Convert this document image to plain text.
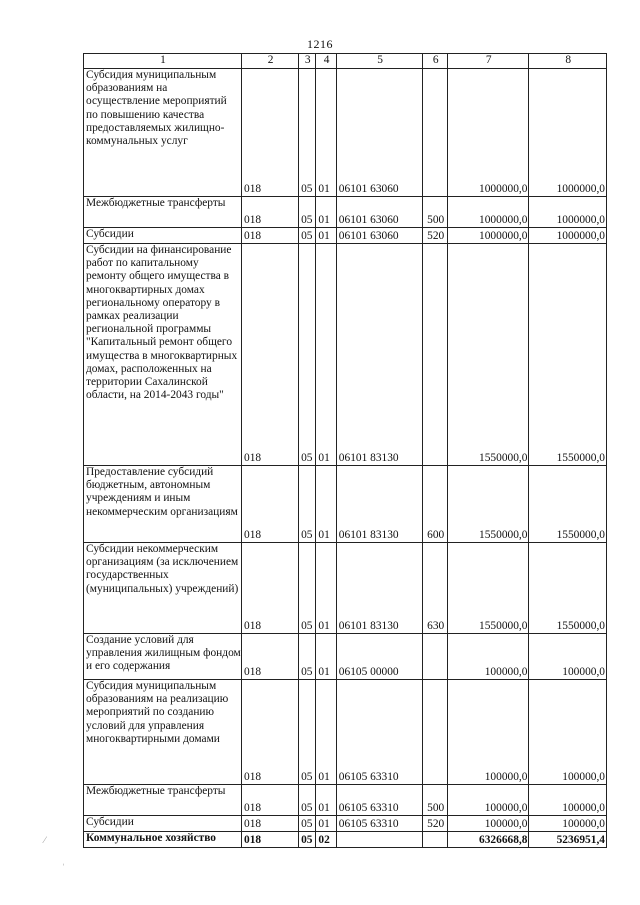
1216
1	2	3	4	5	6	7	8
Субсидия муниципальным образованиям на осуществление мероприятий по повышению качества предоставляемых жилищно-коммунальных услуг	018	05	01	06101 63060		1000000,0	1000000,0
Межбюджетные трансферты	018	05	01	06101 63060	500	1000000,0	1000000,0
Субсидии	018	05	01	06101 63060	520	1000000,0	1000000,0
Субсидии на финансирование работ по капитальному ремонту общего имущества в многоквартирных домах региональному оператору в рамках реализации региональной программы "Капитальный ремонт общего имущества в многоквартирных домах, расположенных на территории Сахалинской области, на 2014-2043 годы"	018	05	01	06101 83130		1550000,0	1550000,0
Предоставление субсидий бюджетным, автономным учреждениям и иным некоммерческим организациям	018	05	01	06101 83130	600	1550000,0	1550000,0
Субсидии некоммерческим организациям (за исключением государственных (муниципальных) учреждений)	018	05	01	06101 83130	630	1550000,0	1550000,0
Создание условий для управления жилищным фондом и его содержания	018	05	01	06105 00000		100000,0	100000,0
Субсидия муниципальным образованиям на реализацию мероприятий по созданию условий для управления многоквартирными домами	018	05	01	06105 63310		100000,0	100000,0
Межбюджетные трансферты	018	05	01	06105 63310	500	100000,0	100000,0
Субсидии	018	05	01	06105 63310	520	100000,0	100000,0
Коммунальное хозяйство	018	05	02			6326668,8	5236951,4
⁄
˒
